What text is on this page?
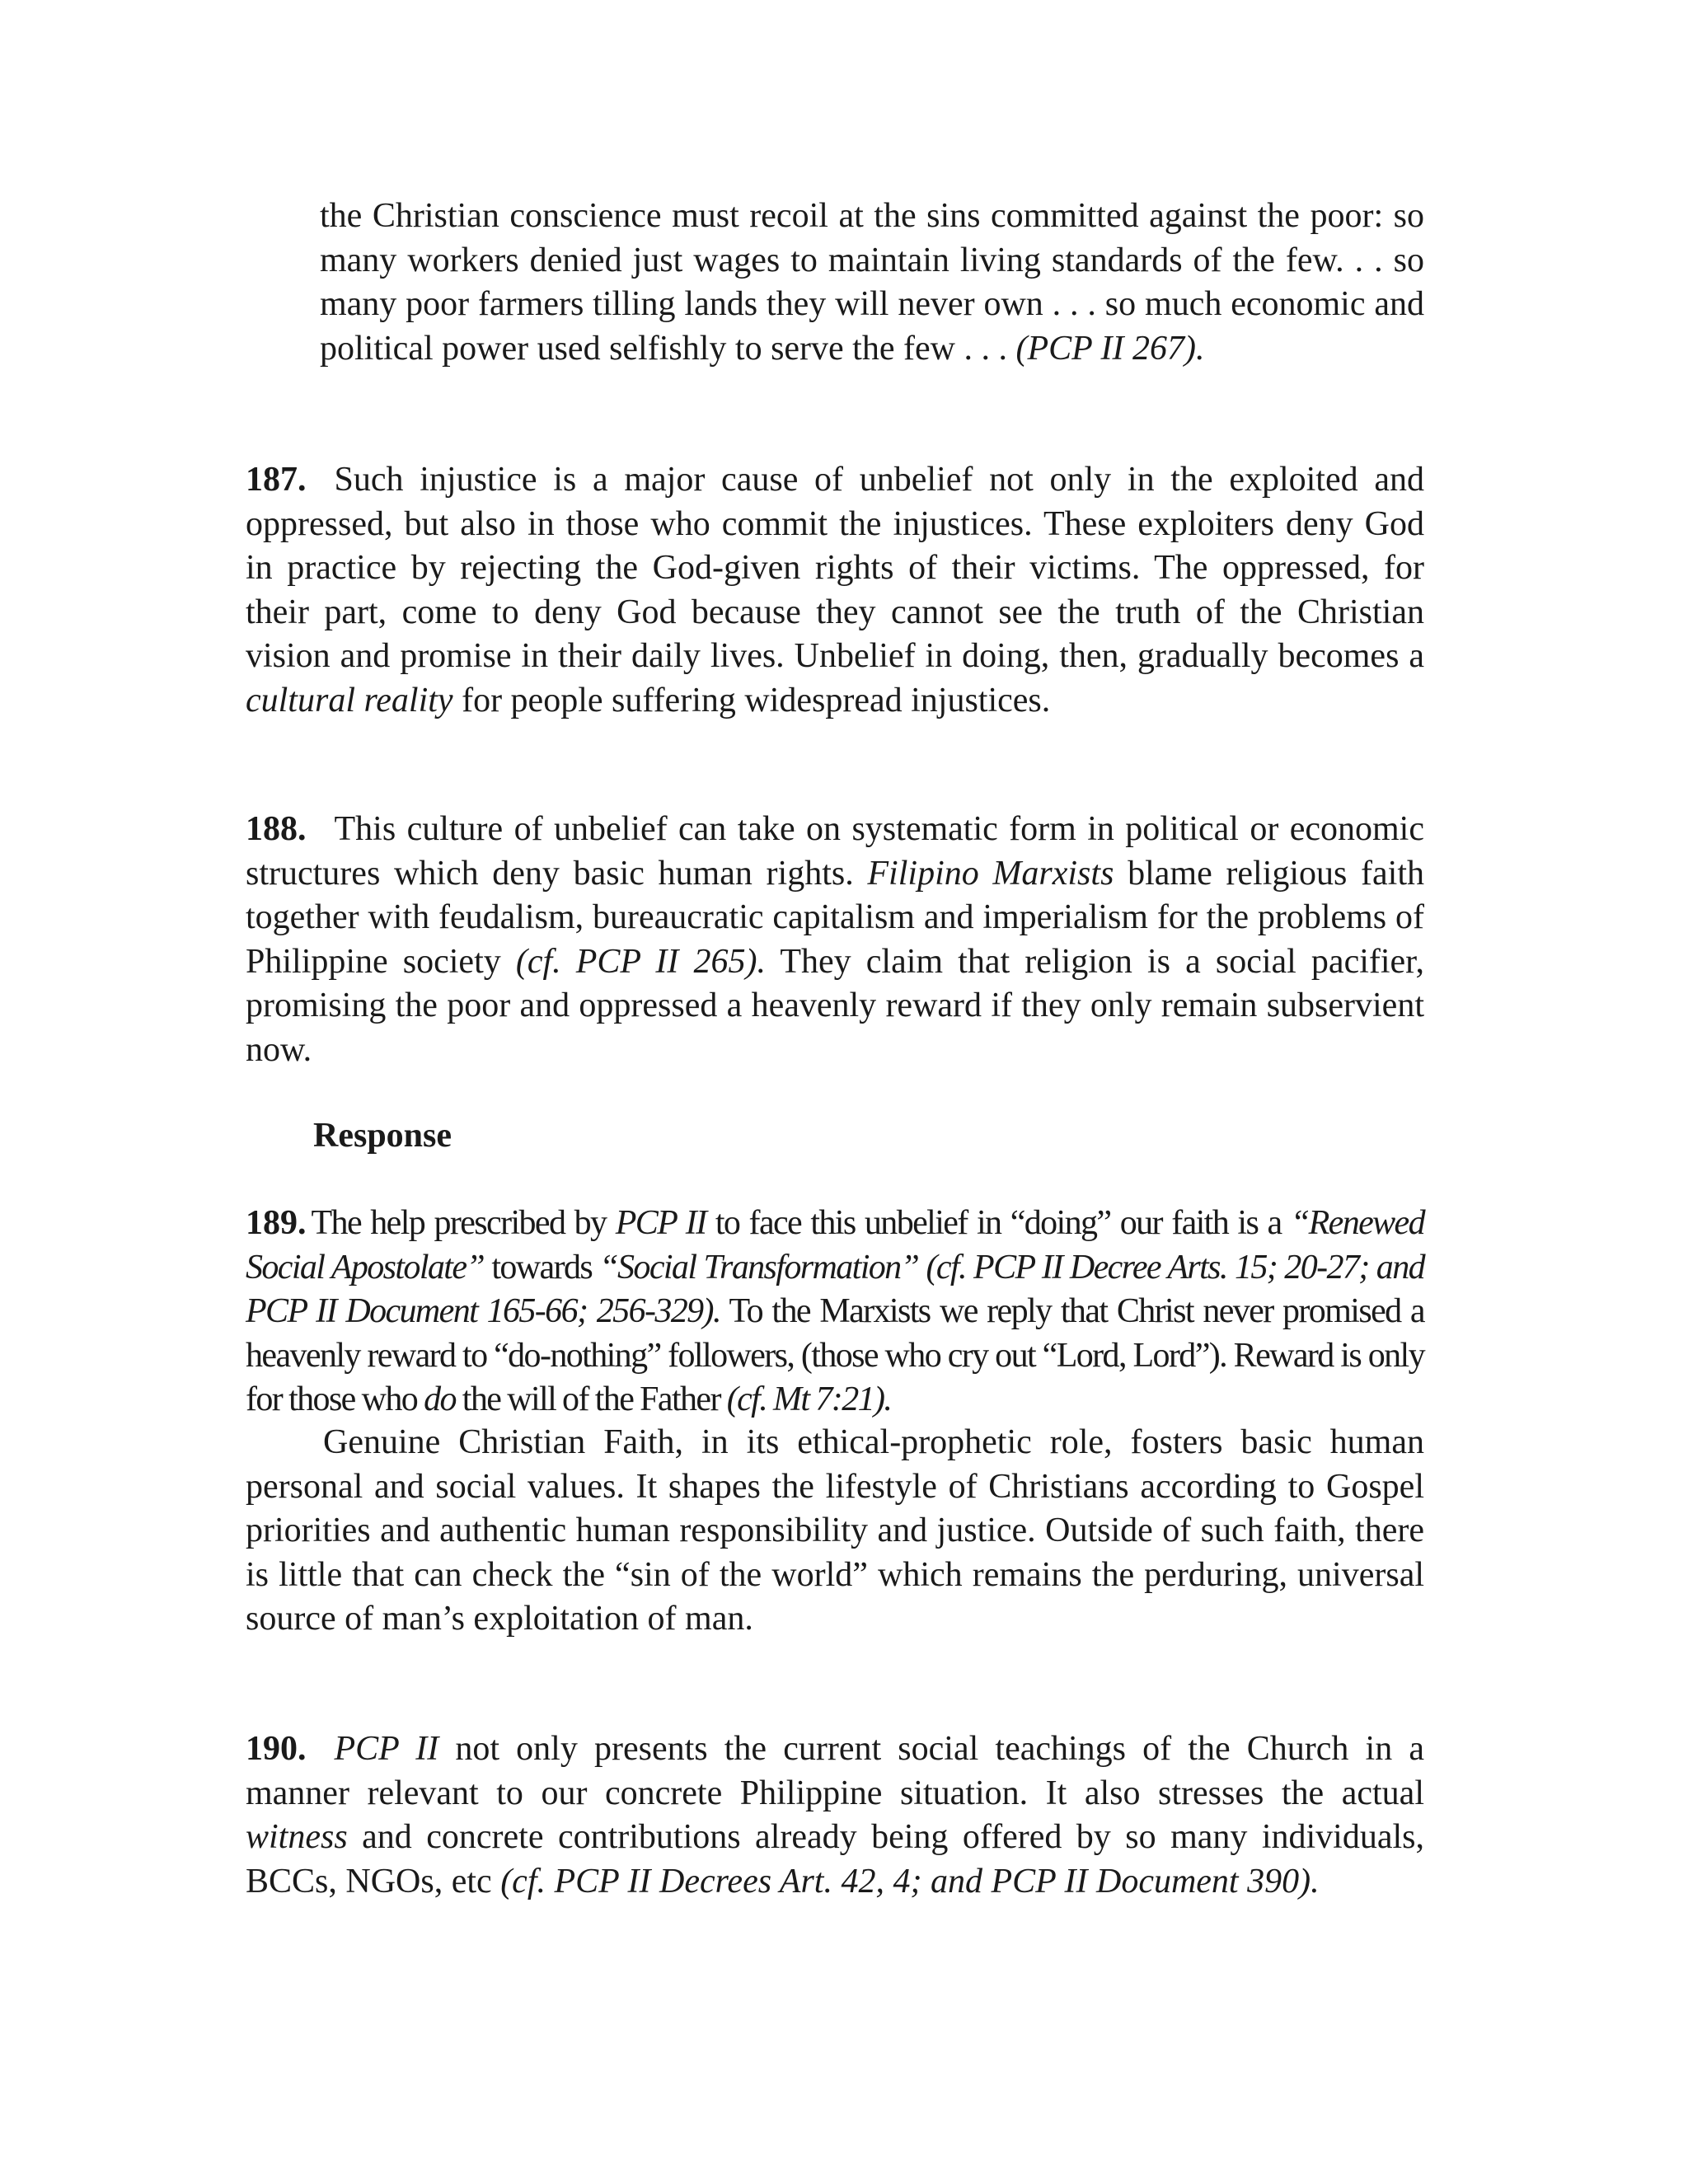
the Christian conscience must recoil at the sins committed against the poor: so many workers denied just wages to maintain living standards of the few. . . so many poor farmers tilling lands they will never own . . . so much economic and political power used selfishly to serve the few . . . (PCP II 267).

187. Such injustice is a major cause of unbelief not only in the exploited and oppressed, but also in those who commit the injustices. These exploiters deny God in practice by rejecting the God-given rights of their victims. The oppressed, for their part, come to deny God because they cannot see the truth of the Christian vision and promise in their daily lives. Unbelief in doing, then, gradually becomes a cultural reality for people suffering widespread injustices.

188. This culture of unbelief can take on systematic form in political or economic structures which deny basic human rights. Filipino Marxists blame religious faith together with feudalism, bureaucratic capitalism and imperialism for the problems of Philippine society (cf. PCP II 265). They claim that religion is a social pacifier, promising the poor and oppressed a heavenly reward if they only remain subservient now.

Response

189. The help prescribed by PCP II to face this unbelief in “doing” our faith is a “Renewed Social Apostolate” towards “Social Transformation” (cf. PCP II Decree Arts. 15; 20-27; and PCP II Document 165-66; 256-329). To the Marxists we reply that Christ never promised a heavenly reward to “do-nothing” followers, (those who cry out “Lord, Lord”). Reward is only for those who do the will of the Father (cf. Mt 7:21).

Genuine Christian Faith, in its ethical-prophetic role, fosters basic human personal and social values. It shapes the lifestyle of Christians according to Gospel priorities and authentic human responsibility and justice. Outside of such faith, there is little that can check the “sin of the world” which remains the perduring, universal source of man’s exploitation of man.

190. PCP II not only presents the current social teachings of the Church in a manner relevant to our concrete Philippine situation. It also stresses the actual witness and concrete contributions already being offered by so many individuals, BCCs, NGOs, etc (cf. PCP II Decrees Art. 42, 4; and PCP II Document 390).
